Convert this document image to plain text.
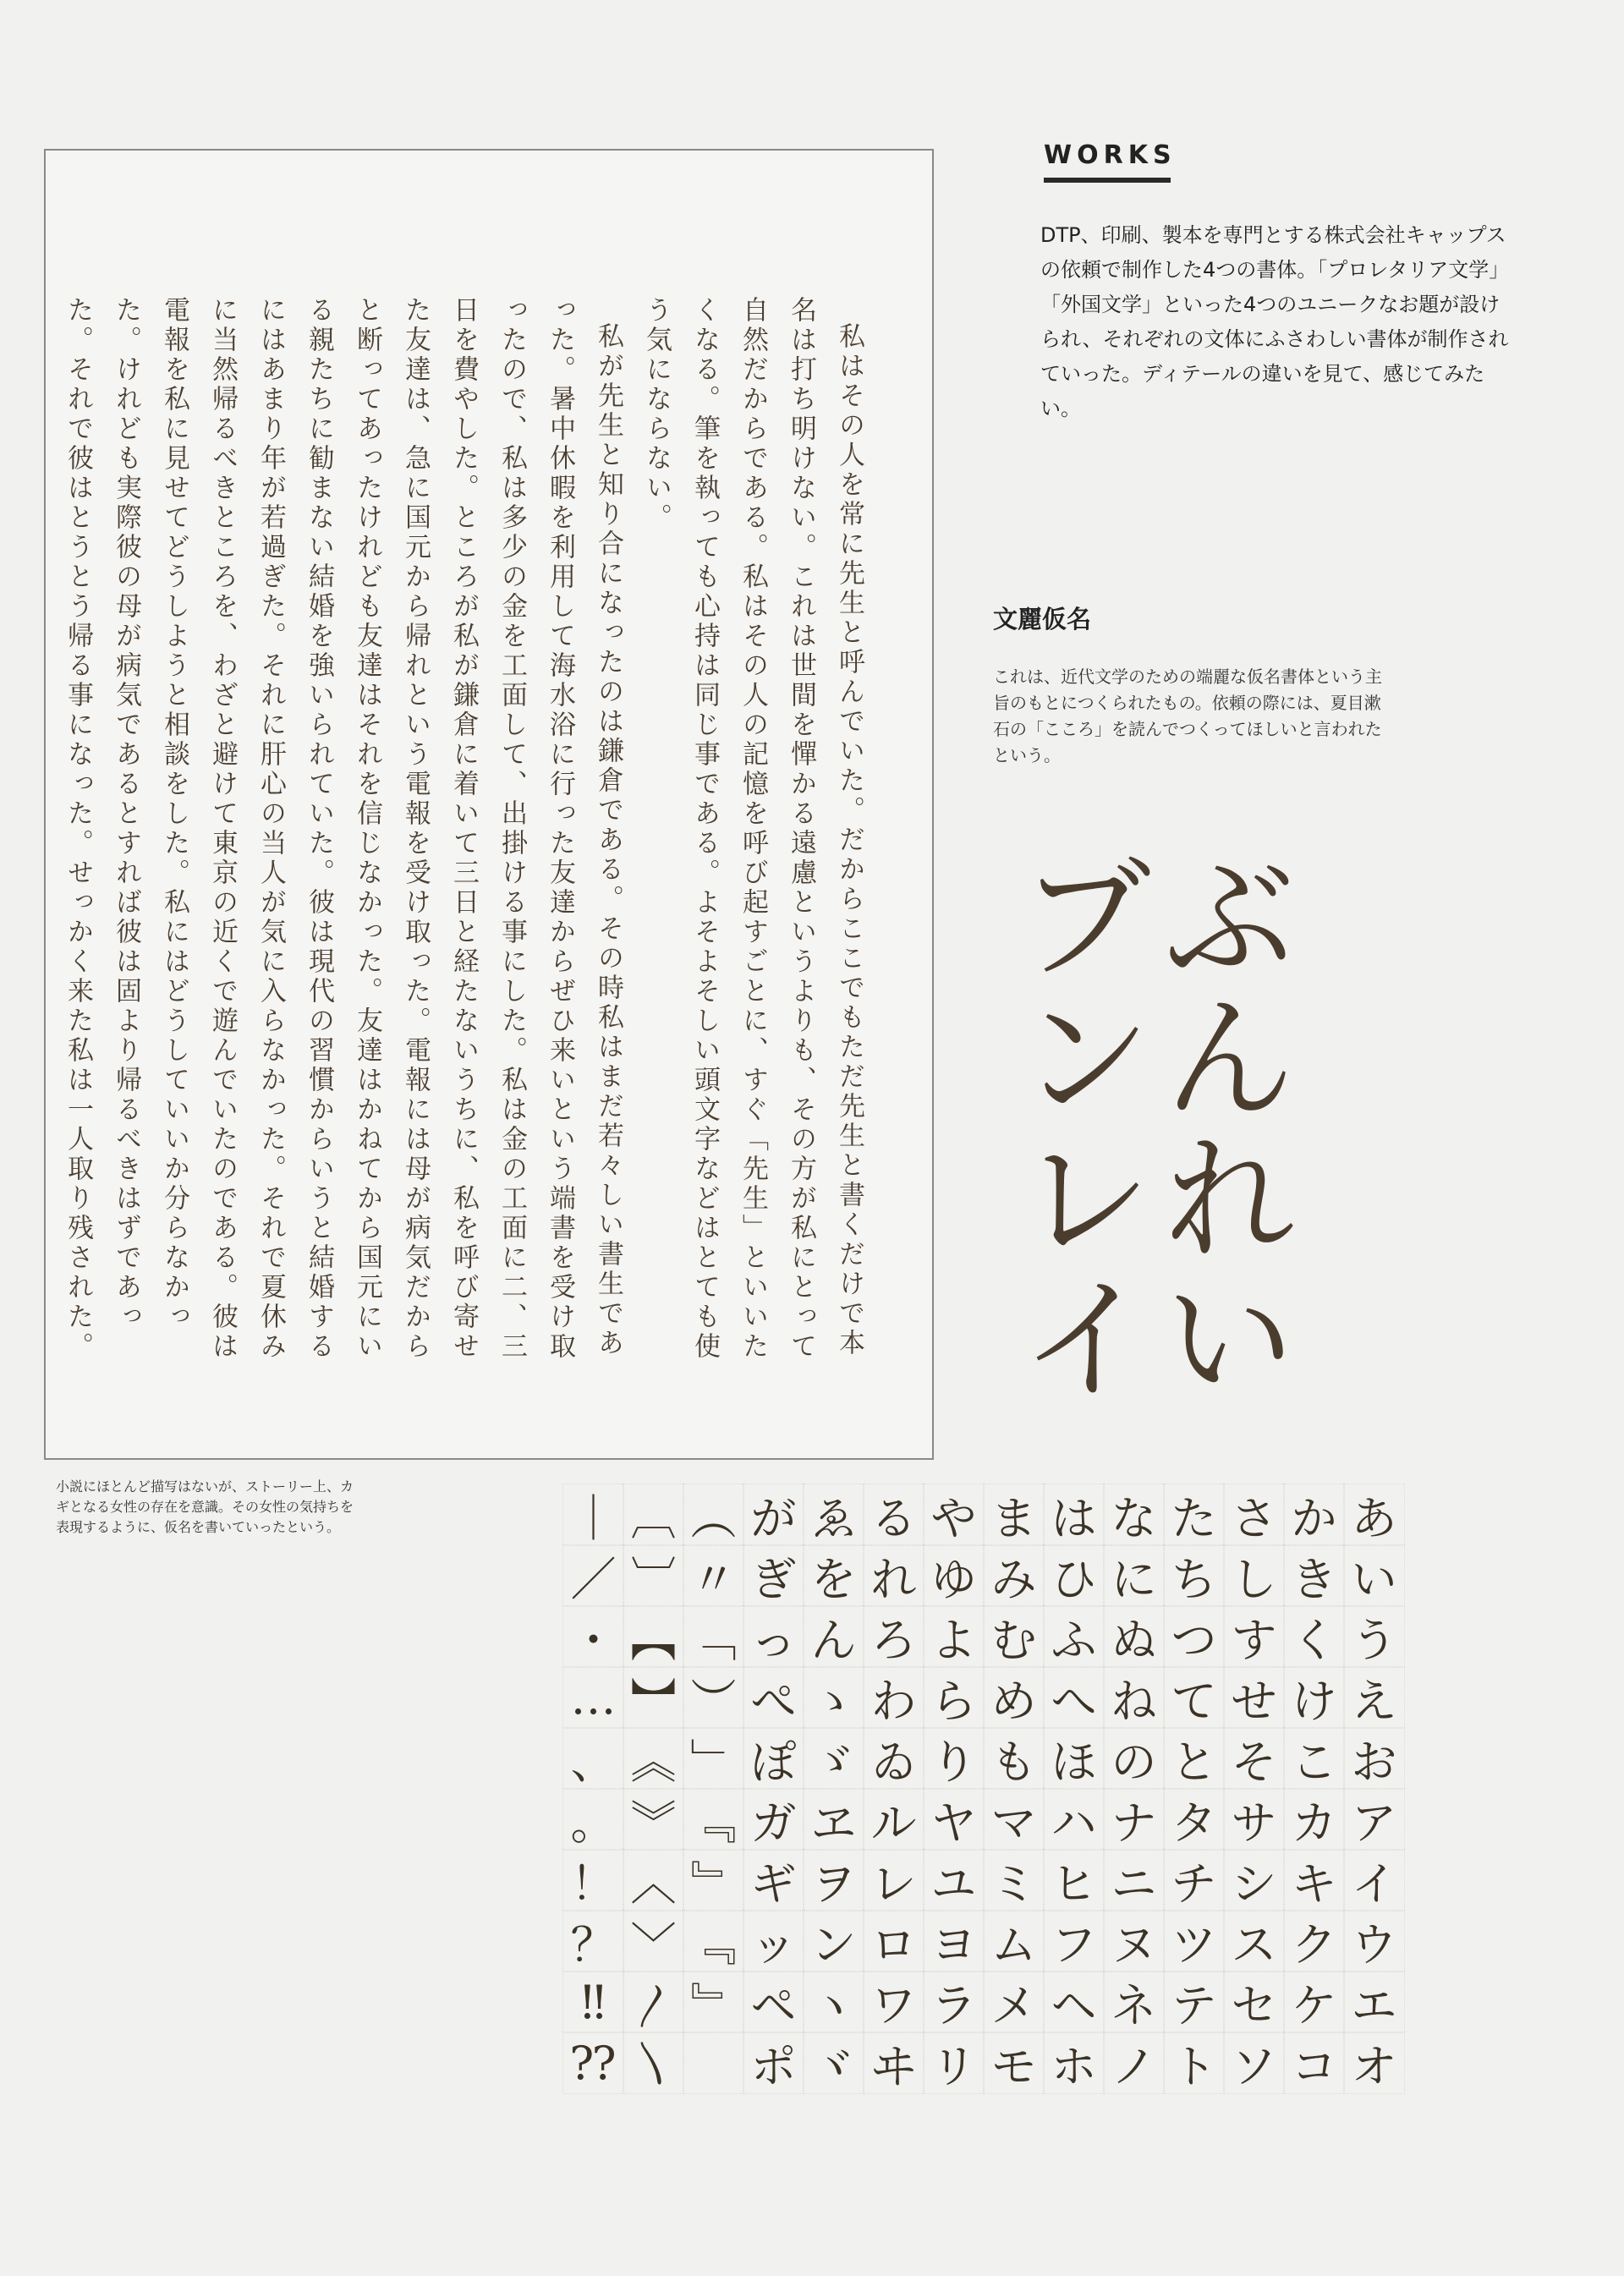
私はその人を常に先生と呼んでいた。だからここでもただ先生と書くだけで本名は打ち明けない。これは世間を憚かる遠慮というよりも、その方が私にとって自然だからである。私はその人の記憶を呼び起すごとに、すぐ「先生」といいたくなる。筆を執っても心持は同じ事である。よそよそしい頭文字などはとても使う気にならない。

私が先生と知り合になったのは鎌倉である。その時私はまだ若々しい書生であった。暑中休暇を利用して海水浴に行った友達からぜひ来いという端書を受け取ったので、私は多少の金を工面して、出掛ける事にした。私は金の工面に二、三日を費やした。ところが私が鎌倉に着いて三日と経たないうちに、私を呼び寄せた友達は、急に国元から帰れという電報を受け取った。電報には母が病気だからと断ってあったけれども友達はそれを信じなかった。友達はかねてから国元にいる親たちに勧まない結婚を強いられていた。彼は現代の習慣からいうと結婚するにはあまり年が若過ぎた。それに肝心の当人が気に入らなかった。それで夏休みに当然帰るべきところを、わざと避けて東京の近くで遊んでいたのである。彼は電報を私に見せてどうしようと相談をした。私にはどうしていいか分らなかった。けれども実際彼の母が病気であるとすれば彼は固より帰るべきはずであった。それで彼はとうとう帰る事になった。せっかく来た私は一人取り残された。

小説にほとんど描写はないが、ストーリー上、カギとなる女性の存在を意識。その女性の気持ちを表現するように、仮名を書いていったという。
WORKS
DTP、印刷、製本を専門とする株式会社キャップスの依頼で制作した4つの書体。「プロレタリア文学」「外国文学」といった4つのユニークなお題が設けられ、それぞれの文体にふさわしい書体が制作されていった。ディテールの違いを見て、感じてみたい。
文麗仮名
これは、近代文学のための端麗な仮名書体という主旨のもとにつくられたもの。依頼の際には、夏目漱石の「こころ」を読んでつくってほしいと言われたという。
ぶんれい
ブンレイ
あ
い
う
え
お
ア
イ
ウ
エ
オ
か
き
く
け
こ
カ
キ
ク
ケ
コ
さ
し
す
せ
そ
サ
シ
ス
セ
ソ
た
ち
つ
て
と
タ
チ
ツ
テ
ト
な
に
ぬ
ね
の
ナ
ニ
ヌ
ネ
ノ
は
ひ
ふ
へ
ほ
ハ
ヒ
フ
ヘ
ホ
ま
み
む
め
も
マ
ミ
ム
メ
モ
や
ゆ
よ
ら
り
ヤ
ユ
ヨ
ラ
リ
る
れ
ろ
わ
ゐ
ル
レ
ロ
ワ
ヰ
ゑ
を
ん
ゝ
ゞ
ヱ
ヲ
ン
ヽ
ヾ
が
ぎ
っ
ぺ
ぽ
ガ
ギ
ッ
ペ
ポ
︵
〃
﹁
︶
﹂
﹃
﹄
﹃
﹄
︹
︺
︻
︼
︽
︾
︿
﹀
〳
〵
｜
／
・
…
、
。
！
？
‼
⁇
